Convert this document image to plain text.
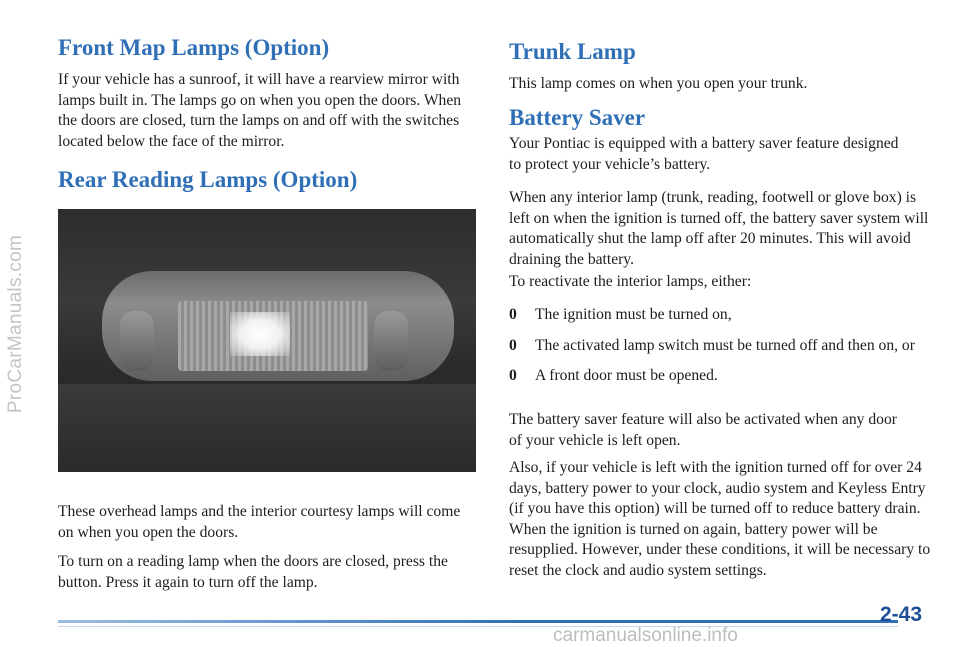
ProCarManuals.com
Front Map Lamps (Option)

If your vehicle has a sunroof, it will have a rearview mirror with lamps built in. The lamps go on when you open the doors. When the doors are closed, turn the lamps on and off with the switches located below the face of the mirror.

Rear Reading Lamps (Option)

These overhead lamps and the interior courtesy lamps will come on when you open the doors.

To turn on a reading lamp when the doors are closed, press the button. Press it again to turn off the lamp.

Trunk Lamp

This lamp comes on when you open your trunk.

Battery Saver

Your Pontiac is equipped with a battery saver feature designed to protect your vehicle’s battery.

When any interior lamp (trunk, reading, footwell or glove box) is left on when the ignition is turned off, the battery saver system will automatically shut the lamp off after 20 minutes. This will avoid draining the battery.

To reactivate the interior lamps, either:

0 The ignition must be turned on,
0 The activated lamp switch must be turned off and then on, or
0 A front door must be opened.

The battery saver feature will also be activated when any door of your vehicle is left open.

Also, if your vehicle is left with the ignition turned off for over 24 days, battery power to your clock, audio system and Keyless Entry (if you have this option) will be turned off to reduce battery drain. When the ignition is turned on again, battery power will be resupplied. However, under these conditions, it will be necessary to reset the clock and audio system settings.

2-43
carmanualsonline.info
